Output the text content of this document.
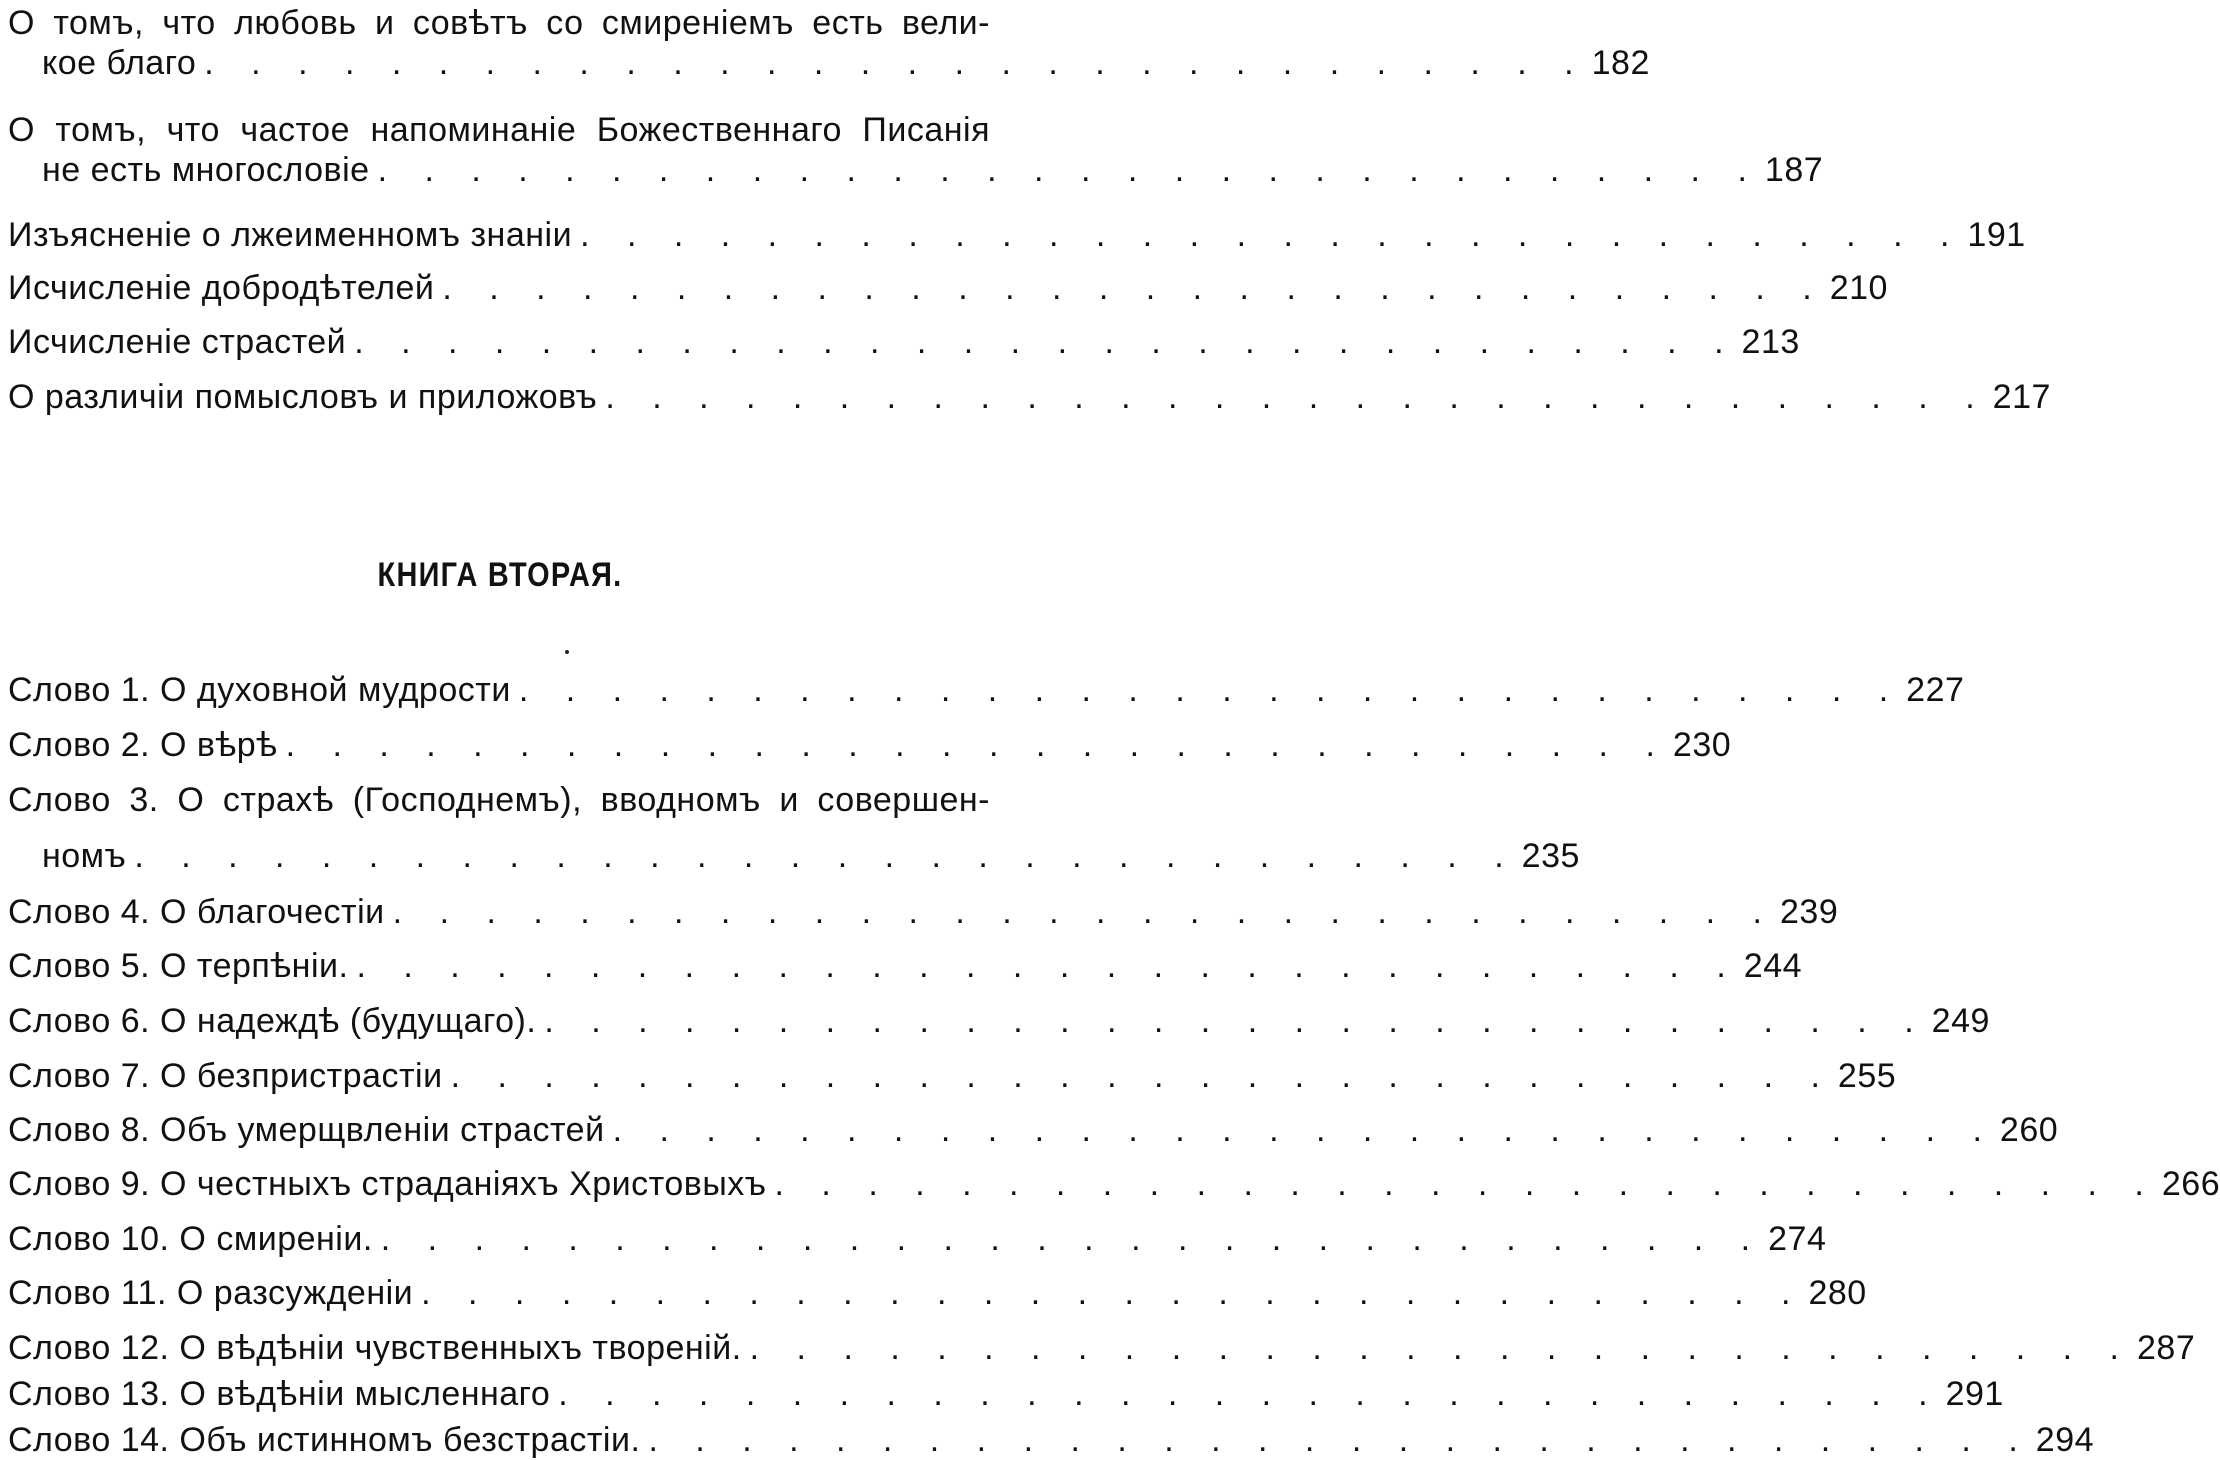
О томъ, что любовь и совѣтъ со смиреніемъ есть вели-
кое благо . . . . . . . . . . . . . . . . . . . . . . . . . . . . . . 182
О томъ, что частое напоминаніе Божественнаго Писанія
не есть многословіе . . . . . . . . . . . . . . . . . . . . . . . . . . . . . . 187
Изъясненіе о лжеименномъ знаніи . . . . . . . . . . . . . . . . . . . . . . . . . . . . . . 191
Исчисленіе добродѣтелей . . . . . . . . . . . . . . . . . . . . . . . . . . . . . . 210
Исчисленіе страстей . . . . . . . . . . . . . . . . . . . . . . . . . . . . . . 213
О различіи помысловъ и приложовъ . . . . . . . . . . . . . . . . . . . . . . . . . . . . . . 217
КНИГА ВТОРАЯ.
Слово 1. О духовной мудрости . . . . . . . . . . . . . . . . . . . . . . . . . . . . . . 227
Слово 2. О вѣрѣ . . . . . . . . . . . . . . . . . . . . . . . . . . . . . . 230
Слово 3. О страхѣ (Господнемъ), вводномъ и совершен-
номъ . . . . . . . . . . . . . . . . . . . . . . . . . . . . . . 235
Слово 4. О благочестіи . . . . . . . . . . . . . . . . . . . . . . . . . . . . . . 239
Слово 5. О терпѣніи. . . . . . . . . . . . . . . . . . . . . . . . . . . . . . . 244
Слово 6. О надеждѣ (будущаго). . . . . . . . . . . . . . . . . . . . . . . . . . . . . . . 249
Слово 7. О безпристрастіи . . . . . . . . . . . . . . . . . . . . . . . . . . . . . . 255
Слово 8. Объ умерщвленіи страстей . . . . . . . . . . . . . . . . . . . . . . . . . . . . . . 260
Слово 9. О честныхъ страданіяхъ Христовыхъ . . . . . . . . . . . . . . . . . . . . . . . . . . . . . . 266
Слово 10. О смиреніи. . . . . . . . . . . . . . . . . . . . . . . . . . . . . . . 274
Слово 11. О разсужденіи . . . . . . . . . . . . . . . . . . . . . . . . . . . . . . 280
Слово 12. О вѣдѣніи чувственныхъ твореній. . . . . . . . . . . . . . . . . . . . . . . . . . . . . . . 287
Слово 13. О вѣдѣніи мысленнаго . . . . . . . . . . . . . . . . . . . . . . . . . . . . . . 291
Слово 14. Объ истинномъ безстрастіи. . . . . . . . . . . . . . . . . . . . . . . . . . . . . . . 294
